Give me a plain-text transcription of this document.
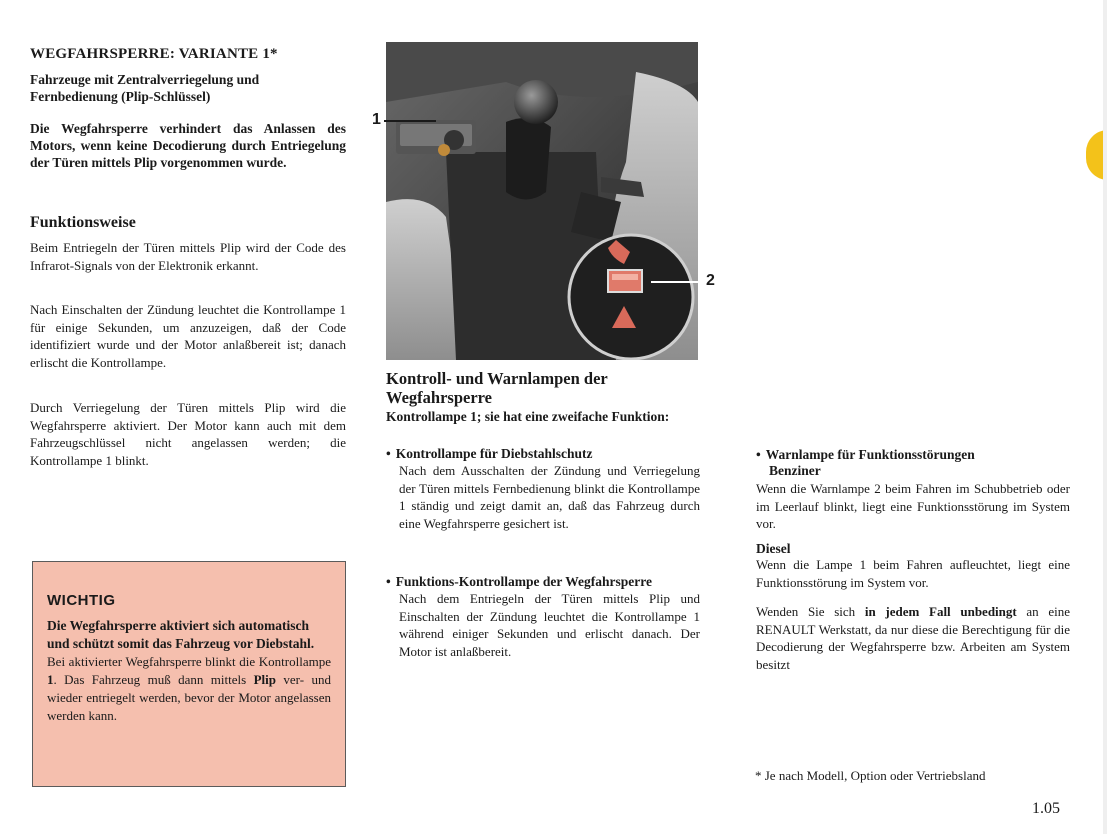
WEGFAHRSPERRE: VARIANTE 1*
Fahrzeuge mit Zentralverriegelung und Fernbedienung (Plip-Schlüssel)
Die Wegfahrsperre verhindert das Anlassen des Motors, wenn keine Decodierung durch Entriegelung der Türen mittels Plip vorgenommen wurde.
Funktionsweise

Beim Entriegeln der Türen mittels Plip wird der Code des Infrarot-Signals von der Elektronik erkannt.

Nach Einschalten der Zündung leuchtet die Kontrollampe 1 für einige Sekunden, um anzuzeigen, daß der Code identifiziert wurde und der Motor anlaßbereit ist; danach erlischt die Kontrollampe.

Durch Verriegelung der Türen mittels Plip wird die Wegfahrsperre aktiviert. Der Motor kann auch mit dem Fahrzeugschlüssel nicht angelassen werden; die Kontrollampe 1 blinkt.

WICHTIG
Die Wegfahrsperre aktiviert sich automatisch und schützt somit das Fahrzeug vor Diebstahl.
Bei aktivierter Wegfahrsperre blinkt die Kontrollampe 1. Das Fahrzeug muß dann mittels Plip ver- und wieder entriegelt werden, bevor der Motor angelassen werden kann.
1
2
Kontroll- und Warnlampen der Wegfahrsperre
Kontrollampe 1; sie hat eine zweifache Funktion:
• Kontrollampe für Diebstahlschutz

Nach dem Ausschalten der Zündung und Verriegelung der Türen mittels Fernbedienung blinkt die Kontrollampe 1 ständig und zeigt damit an, daß das Fahrzeug durch eine Wegfahrsperre gesichert ist.

• Funktions-Kontrollampe der Wegfahrsperre

Nach dem Entriegeln der Türen mittels Plip und Einschalten der Zündung leuchtet die Kontrollampe 1 während einiger Sekunden und erlischt danach. Der Motor ist anlaßbereit.

• Warnlampe für Funktionsstörungen
Benziner

Wenn die Warnlampe 2 beim Fahren im Schubbetrieb oder im Leerlauf blinkt, liegt eine Funktionsstörung im System vor.

Diesel

Wenn die Lampe 1 beim Fahren aufleuchtet, liegt eine Funktionsstörung im System vor.

Wenden Sie sich in jedem Fall unbedingt an eine RENAULT Werkstatt, da nur diese die Berechtigung für die Decodierung der Wegfahrsperre bzw. Arbeiten am System besitzt

* Je nach Modell, Option oder Vertriebsland
1.05
